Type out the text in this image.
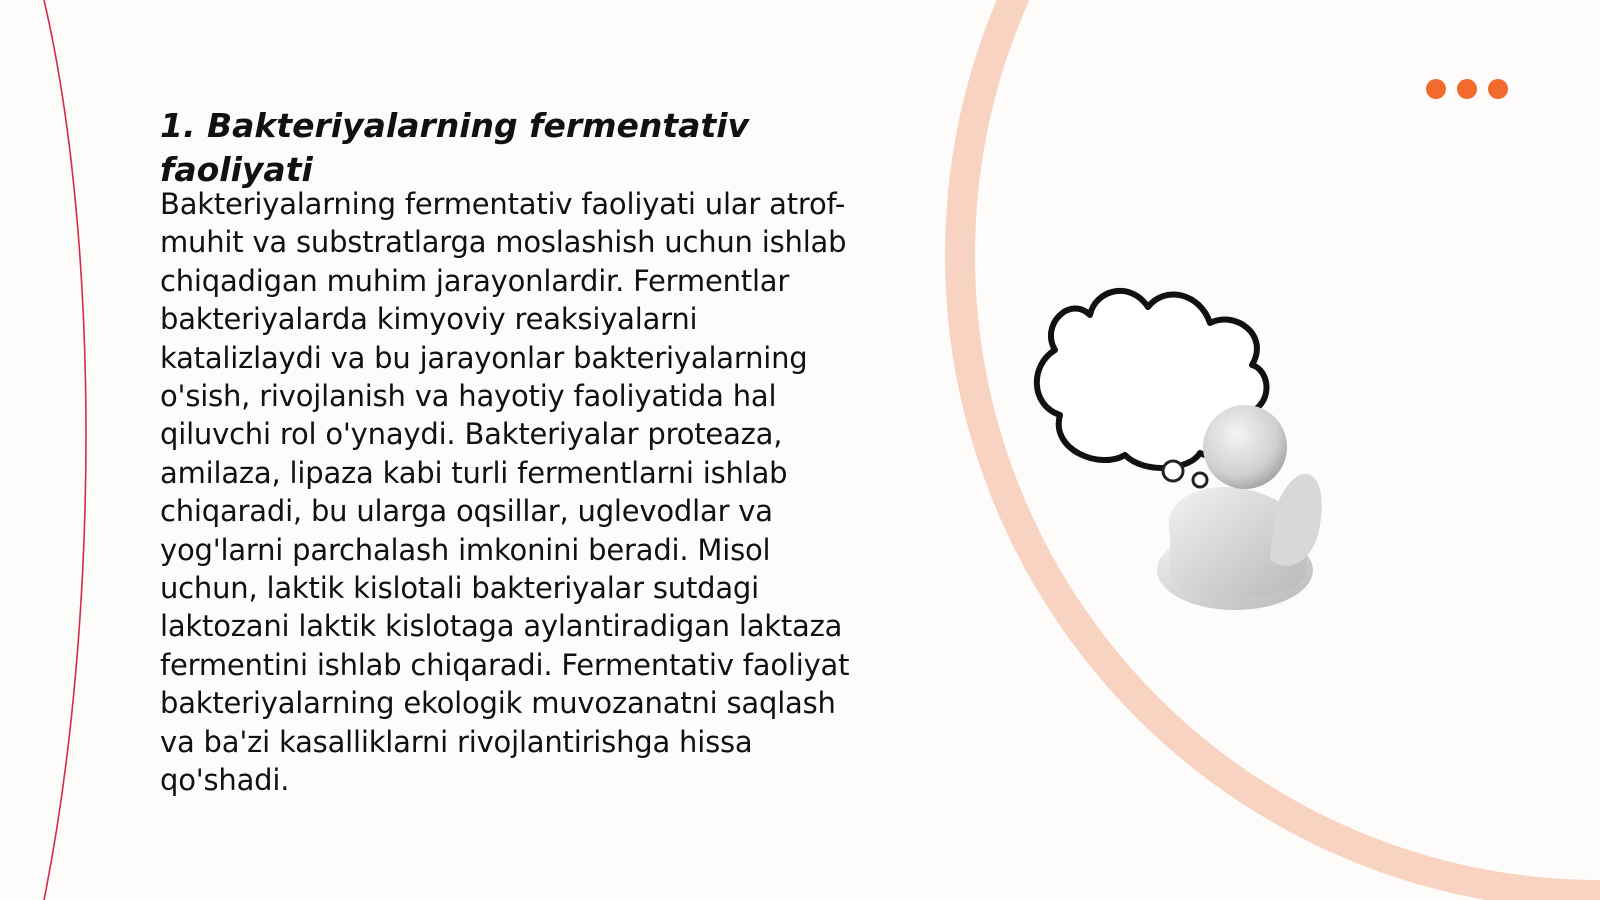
1. Bakteriyalarning fermentativ faoliyati

Bakteriyalarning fermentativ faoliyati ular atrof-muhit va substratlarga moslashish uchun ishlab chiqadigan muhim jarayonlardir. Fermentlar bakteriyalarda kimyoviy reaksiyalarni katalizlaydi va bu jarayonlar bakteriyalarning o'sish, rivojlanish va hayotiy faoliyatida hal qiluvchi rol o'ynaydi. Bakteriyalar proteaza, amilaza, lipaza kabi turli fermentlarni ishlab chiqaradi, bu ularga oqsillar, uglevodlar va yog'larni parchalash imkonini beradi. Misol uchun, laktik kislotali bakteriyalar sutdagi laktozani laktik kislotaga aylantiradigan laktaza fermentini ishlab chiqaradi. Fermentativ faoliyat bakteriyalarning ekologik muvozanatni saqlash va ba'zi kasalliklarni rivojlantirishga hissa qo'shadi.
